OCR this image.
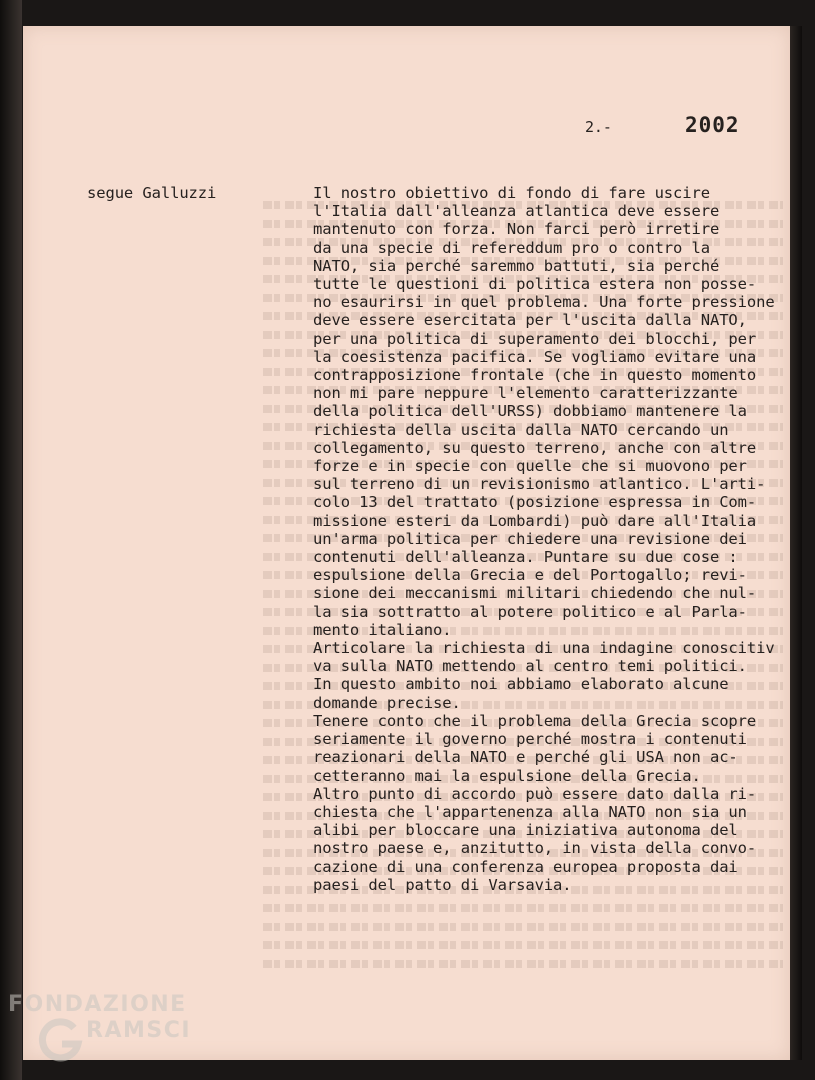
2.-	2002
segue Galluzzi	Il nostro obiettivo di fondo di fare uscire
l'Italia dall'alleanza atlantica deve essere
mantenuto con forza. Non farci però irretire
da una specie di refereddum pro o contro la
NATO, sia perché saremmo battuti, sia perché
tutte le questioni di politica estera non posse-
no esaurirsi in quel problema. Una forte pressione
deve essere esercitata per l'uscita dalla NATO,
per una politica di superamento dei blocchi, per
la coesistenza pacifica. Se vogliamo evitare una
contrapposizione frontale (che in questo momento
non mi pare neppure l'elemento caratterizzante
della politica dell'URSS) dobbiamo mantenere la
richiesta della uscita dalla NATO cercando un
collegamento, su questo terreno, anche con altre
forze e in specie con quelle che si muovono per
sul terreno di un revisionismo atlantico. L'arti-
colo 13 del trattato (posizione espressa in Com-
missione esteri da Lombardi) può dare all'Italia
un'arma politica per chiedere una revisione dei
contenuti dell'alleanza. Puntare su due cose :
espulsione della Grecia e del Portogallo; revi-
sione dei meccanismi militari chiedendo che nul-
la sia sottratto al potere politico e al Parla-
mento italiano.
Articolare la richiesta di una indagine conoscitiv
va sulla NATO mettendo al centro temi politici.
In questo ambito noi abbiamo elaborato alcune
domande precise.
Tenere conto che il problema della Grecia scopre
seriamente il governo perché mostra i contenuti
reazionari della NATO e perché gli USA non ac-
cetteranno mai la espulsione della Grecia.
Altro punto di accordo può essere dato dalla ri-
chiesta che l'appartenenza alla NATO non sia un
alibi per bloccare una iniziativa autonoma del
nostro paese e, anzitutto, in vista della convo-
cazione di una conferenza europea proposta dai
paesi del patto di Varsavia.
FONDAZIONE
RAMSCI
